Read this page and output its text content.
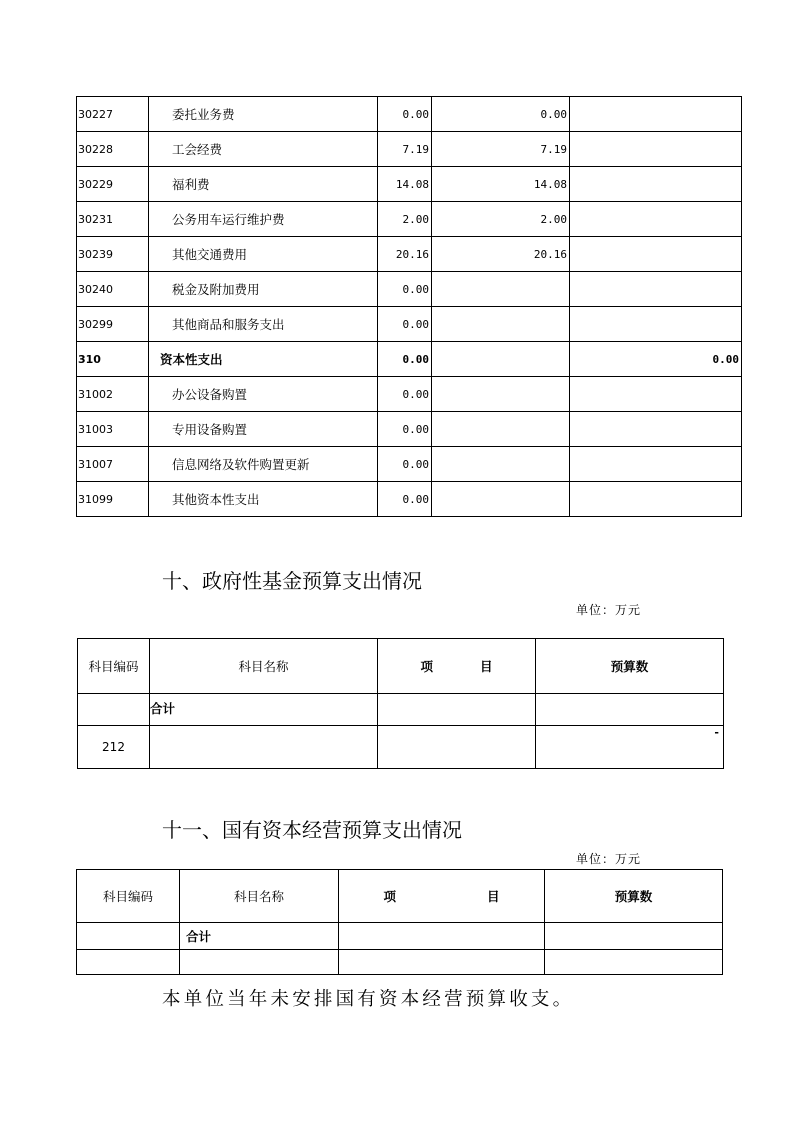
30227	委托业务费	0.00	0.00	
30228	工会经费	7.19	7.19	
30229	福利费	14.08	14.08	
30231	公务用车运行维护费	2.00	2.00	
30239	其他交通费用	20.16	20.16	
30240	税金及附加费用	0.00		
30299	其他商品和服务支出	0.00		
310	资本性支出	0.00		0.00
31002	办公设备购置	0.00		
31003	专用设备购置	0.00		
31007	信息网络及软件购置更新	0.00		
31099	其他资本性支出	0.00		
十、政府性基金预算支出情况
单位：万元
科目编码	科目名称	项 目	预算数
	合计		
212			-
十一、国有资本经营预算支出情况
单位：万元
科目编码	科目名称	项 目	预算数
	合计		

本单位当年未安排国有资本经营预算收支。
